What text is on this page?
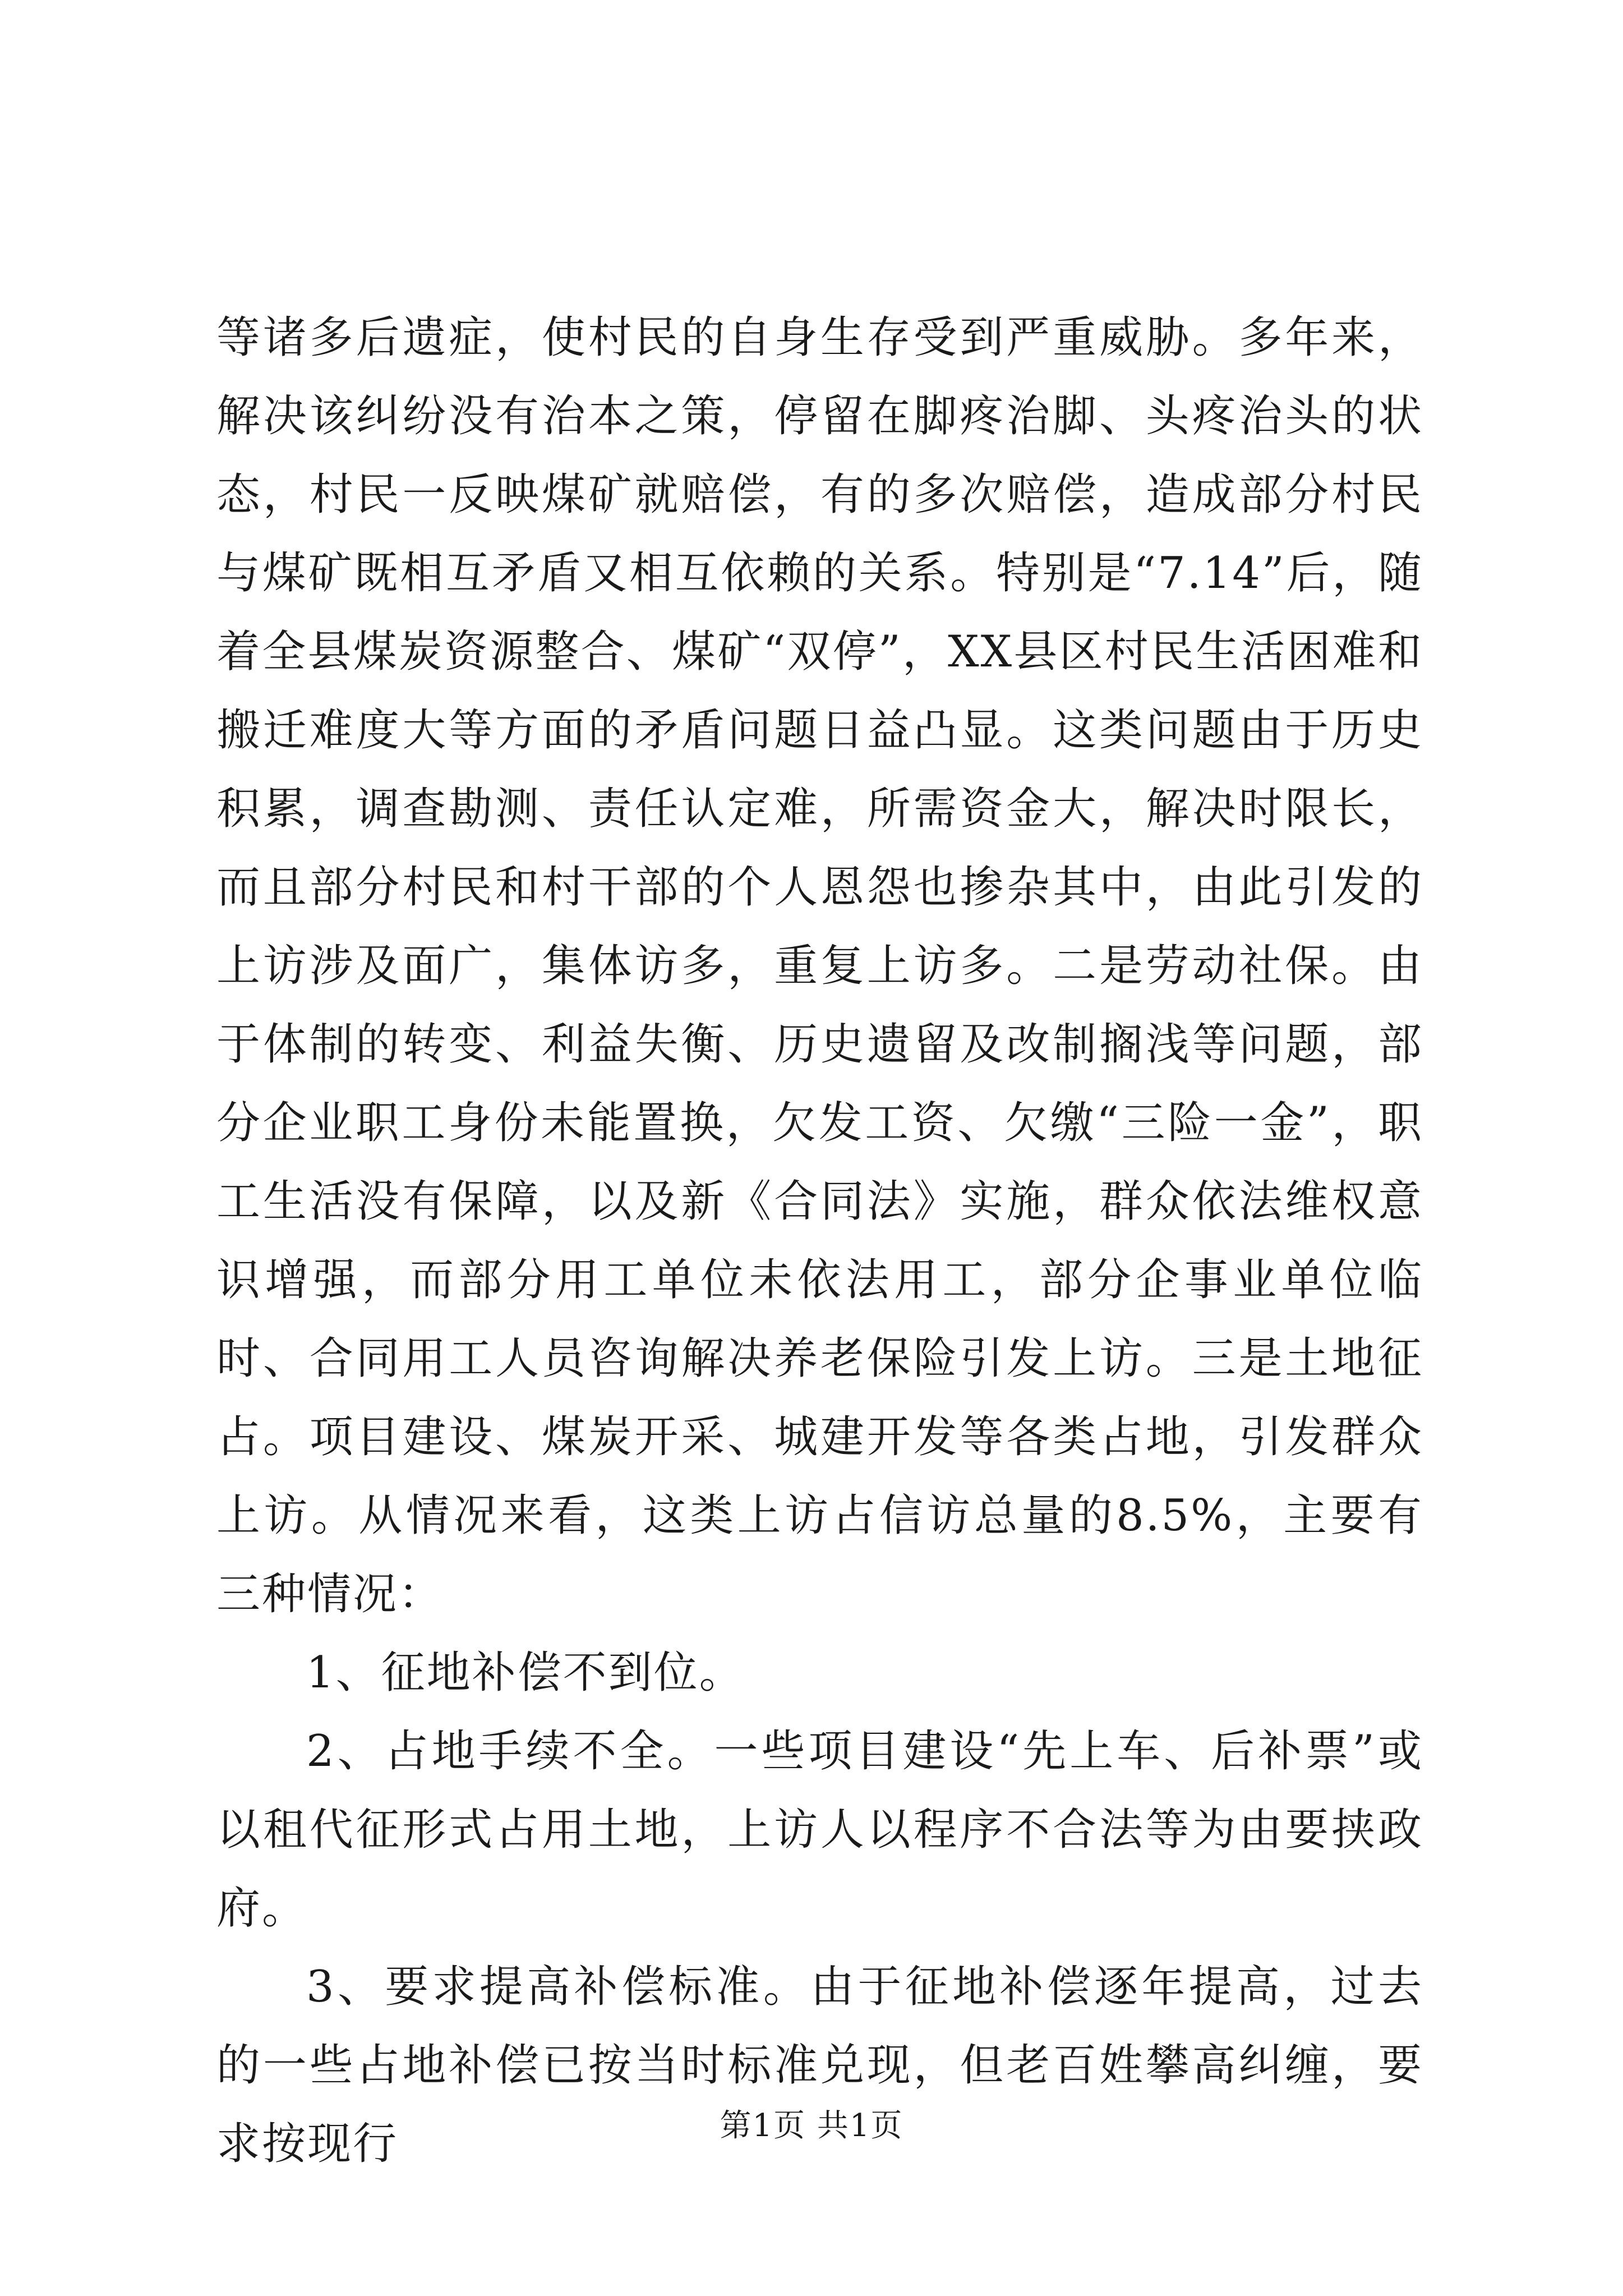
等诸多后遗症，使村民的自身生存受到严重威胁。多年来，解决该纠纷没有治本之策，停留在脚疼治脚、头疼治头的状态，村民一反映煤矿就赔偿，有的多次赔偿，造成部分村民与煤矿既相互矛盾又相互依赖的关系。特别是“7.14”后，随着全县煤炭资源整合、煤矿“双停”，XX县区村民生活困难和搬迁难度大等方面的矛盾问题日益凸显。这类问题由于历史积累，调查勘测、责任认定难，所需资金大，解决时限长，而且部分村民和村干部的个人恩怨也掺杂其中，由此引发的上访涉及面广，集体访多，重复上访多。二是劳动社保。由于体制的转变、利益失衡、历史遗留及改制搁浅等问题，部分企业职工身份未能置换，欠发工资、欠缴“三险一金”，职工生活没有保障，以及新《合同法》实施，群众依法维权意识增强，而部分用工单位未依法用工，部分企事业单位临时、合同用工人员咨询解决养老保险引发上访。三是土地征占。项目建设、煤炭开采、城建开发等各类占地，引发群众上访。从情况来看，这类上访占信访总量的8.5%，主要有三种情况：

1、征地补偿不到位。

2、占地手续不全。一些项目建设“先上车、后补票”或以租代征形式占用土地，上访人以程序不合法等为由要挟政府。

3、要求提高补偿标准。由于征地补偿逐年提高，过去的一些占地补偿已按当时标准兑现，但老百姓攀高纠缠，要求按现行	第1页 共1页
